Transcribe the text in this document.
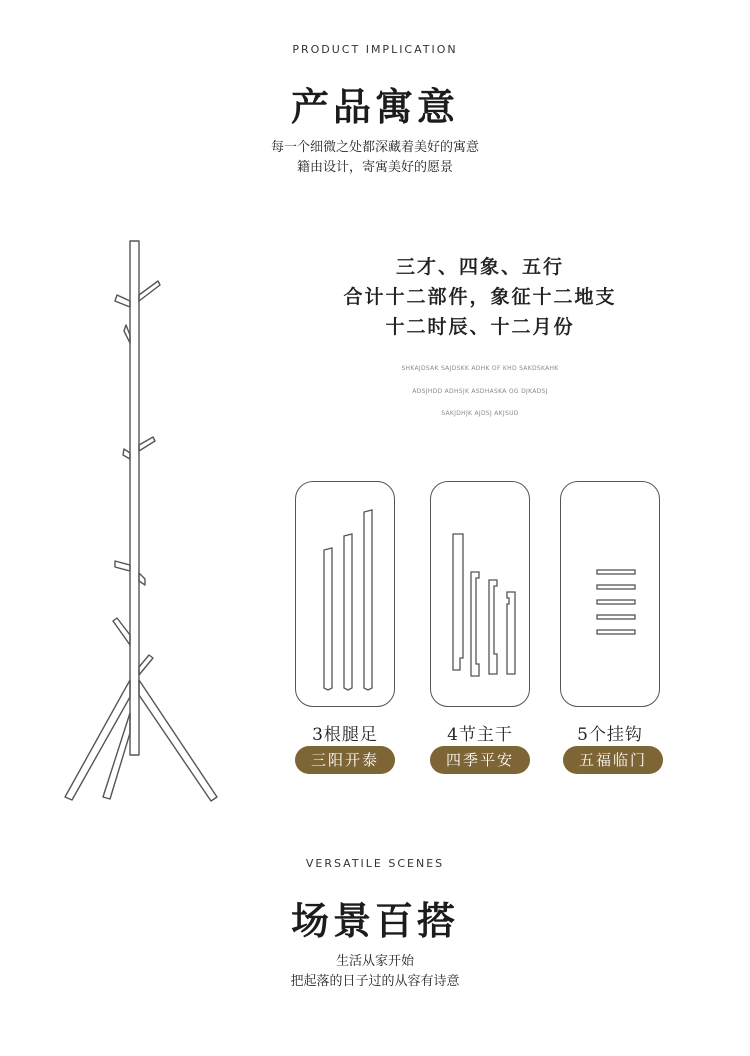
PRODUCT IMPLICATION
产品寓意
每一个细微之处都深藏着美好的寓意
籍由设计，寄寓美好的愿景
三才、四象、五行
合计十二部件，象征十二地支
十二时辰、十二月份
SHKAJDSAK SAJDSKK ADHK OF KHD SAKDSKAHK
ADSJHDD ADHSJK ASDHASKA OG DJKADSJ
SAKJDHJK AJDSJ AKJSUD
3根腿足
三阳开泰
4节主干
四季平安
5个挂钩
五福临门
VERSATILE SCENES
场景百搭
生活从家开始
把起落的日子过的从容有诗意
